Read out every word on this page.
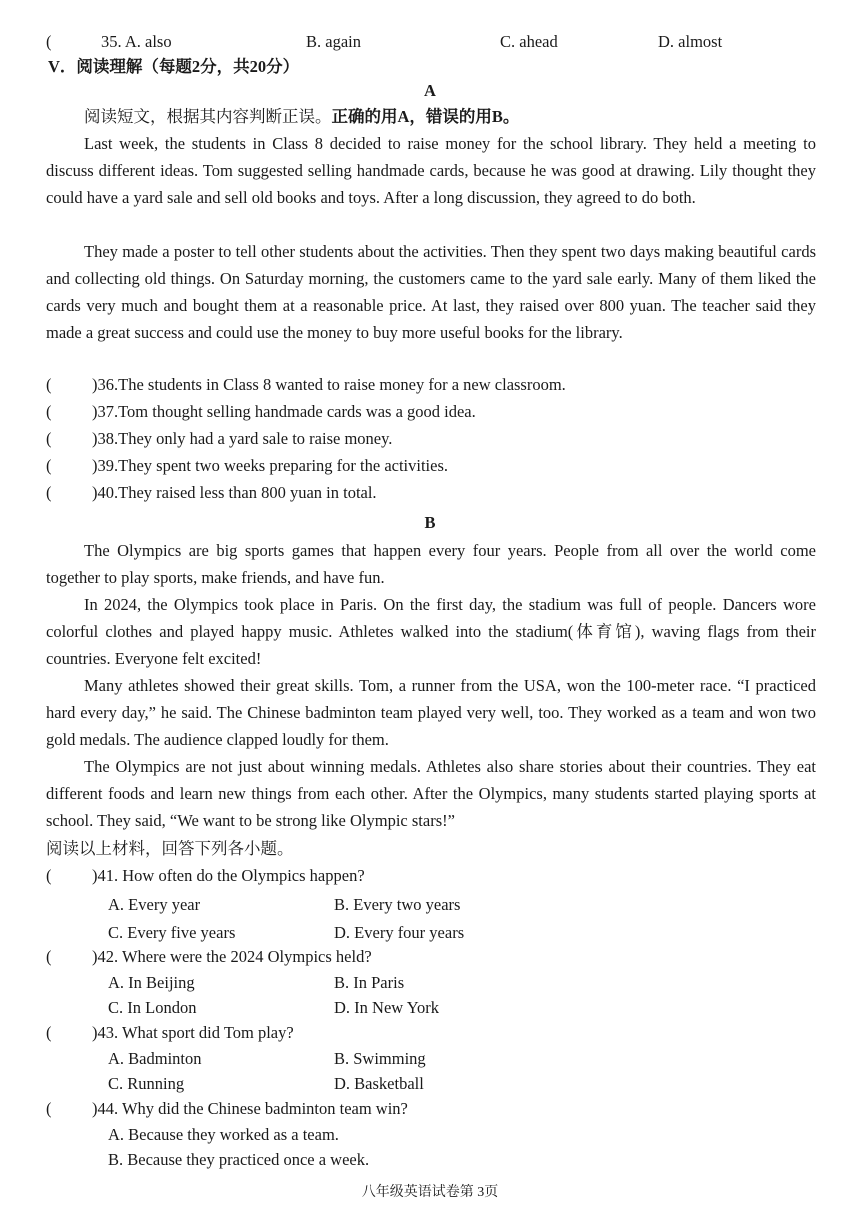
(	35. A. also	B. again	C. ahead	D. almost
V．阅读理解（每题2分，共20分）
A
阅读短文，根据其内容判断正误。正确的用A，错误的用B。
Last week, the students in Class 8 decided to raise money for the school library. They held a meeting to discuss different ideas. Tom suggested selling handmade cards, because he was good at drawing. Lily thought they could have a yard sale and sell old books and toys. After a long discussion, they agreed to do both.
They made a poster to tell other students about the activities. Then they spent two days making beautiful cards and collecting old things. On Saturday morning, the customers came to the yard sale early. Many of them liked the cards very much and bought them at a reasonable price. At last, they raised over 800 yuan. The teacher said they made a great success and could use the money to buy more useful books for the library.
( )36.The students in Class 8 wanted to raise money for a new classroom.
( )37.Tom thought selling handmade cards was a good idea.
( )38.They only had a yard sale to raise money.
( )39.They spent two weeks preparing for the activities.
( )40.They raised less than 800 yuan in total.
B
The Olympics are big sports games that happen every four years. People from all over the world come together to play sports, make friends, and have fun.
In 2024, the Olympics took place in Paris. On the first day, the stadium was full of people. Dancers wore colorful clothes and played happy music. Athletes walked into the stadium(体育馆), waving flags from their countries. Everyone felt excited!
Many athletes showed their great skills. Tom, a runner from the USA, won the 100-meter race. “I practiced hard every day,” he said. The Chinese badminton team played very well, too. They worked as a team and won two gold medals. The audience clapped loudly for them.
The Olympics are not just about winning medals. Athletes also share stories about their countries. They eat different foods and learn new things from each other. After the Olympics, many students started playing sports at school. They said, “We want to be strong like Olympic stars!”
阅读以上材料，回答下列各小题。
( )41. How often do the Olympics happen?
A. Every year	B. Every two years
C. Every five years	D. Every four years
( )42. Where were the 2024 Olympics held?
A. In Beijing	B. In Paris
C. In London	D. In New York
( )43. What sport did Tom play?
A. Badminton	B. Swimming
C. Running	D. Basketball
( )44. Why did the Chinese badminton team win?
A. Because they worked as a team.
B. Because they practiced once a week.
八年级英语试卷第 3页
